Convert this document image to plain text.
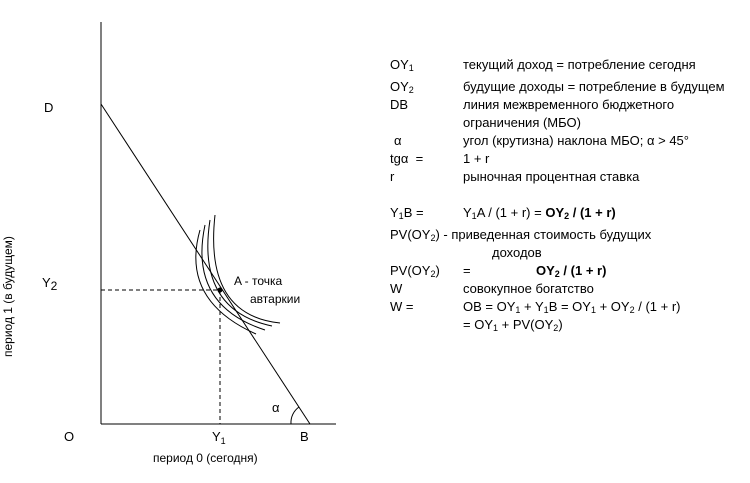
D
Y2
O	$Y_1$	B
α
A - точка
автаркии
период 1 (в будущем)
период 0 (сегодня)
$OY_1$	текущий доход = потребление сегодня
$OY_2$	будущие доходы = потребление в будущем
DB	линия межвременного бюджетного
ограничения (МБО)
α	угол (крутизна) наклона МБО; α > 45°
tgα  =	1 + r
r	рыночная процентная ставка
$Y_1B$ =	$Y_1A / (1 + r) = OY_2 / (1 + r)$
$PV(OY_2)$ - приведенная стоимость будущих
доходов
$PV(OY_2)$ =	$OY_2 / (1 + r)$
W	совокупное богатство
W =	OB = $OY_1 + Y_1B = OY_1 + OY_2 / (1 + r)$
= $OY_1 + PV(OY_2)$
